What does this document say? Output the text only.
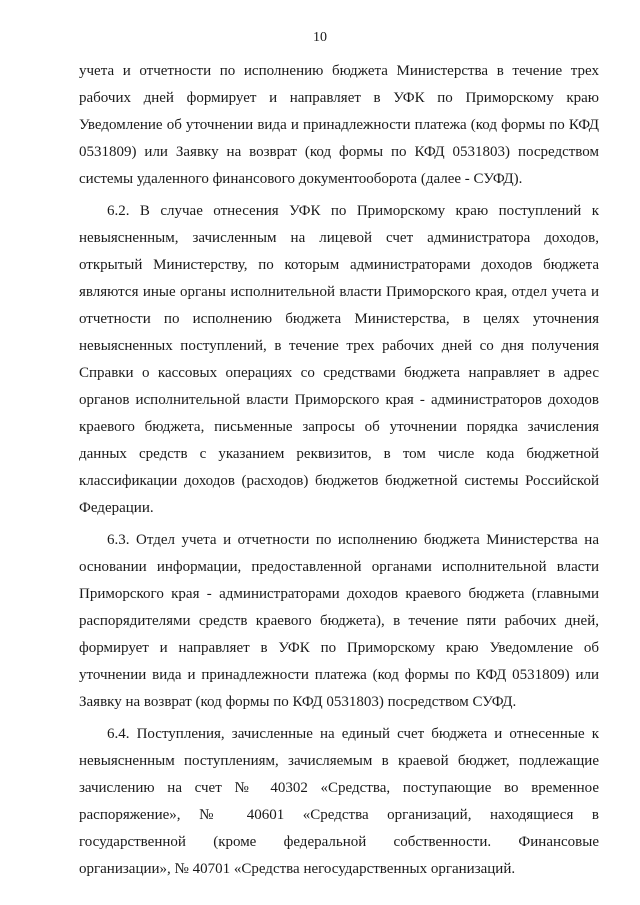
10

учета и отчетности по исполнению бюджета Министерства в течение трех рабочих дней формирует и направляет в УФК по Приморскому краю Уведомление об уточнении вида и принадлежности платежа (код формы по КФД 0531809) или Заявку на возврат (код формы по КФД 0531803) посредством системы удаленного финансового документооборота (далее - СУФД).

6.2. В случае отнесения УФК по Приморскому краю поступлений к невыясненным, зачисленным на лицевой счет администратора доходов, открытый Министерству, по которым администраторами доходов бюджета являются иные органы исполнительной власти Приморского края, отдел учета и отчетности по исполнению бюджета Министерства, в целях уточнения невыясненных поступлений, в течение трех рабочих дней со дня получения Справки о кассовых операциях со средствами бюджета направляет в адрес органов исполнительной власти Приморского края - администраторов доходов краевого бюджета, письменные запросы об уточнении порядка зачисления данных средств с указанием реквизитов, в том числе кода бюджетной классификации доходов (расходов) бюджетов бюджетной системы Российской Федерации.

6.3. Отдел учета и отчетности по исполнению бюджета Министерства на основании информации, предоставленной органами исполнительной власти Приморского края - администраторами доходов краевого бюджета (главными распорядителями средств краевого бюджета), в течение пяти рабочих дней, формирует и направляет в УФК по Приморскому краю Уведомление об уточнении вида и принадлежности платежа (код формы по КФД 0531809) или Заявку на возврат (код формы по КФД 0531803) посредством СУФД.

6.4. Поступления, зачисленные на единый счет бюджета и отнесенные к невыясненным поступлениям, зачисляемым в краевой бюджет, подлежащие зачислению на счет № 40302 «Средства, поступающие во временное распоряжение», № 40601 «Средства организаций, находящиеся в государственной (кроме федеральной собственности. Финансовые организации», № 40701 «Средства негосударственных организаций.
